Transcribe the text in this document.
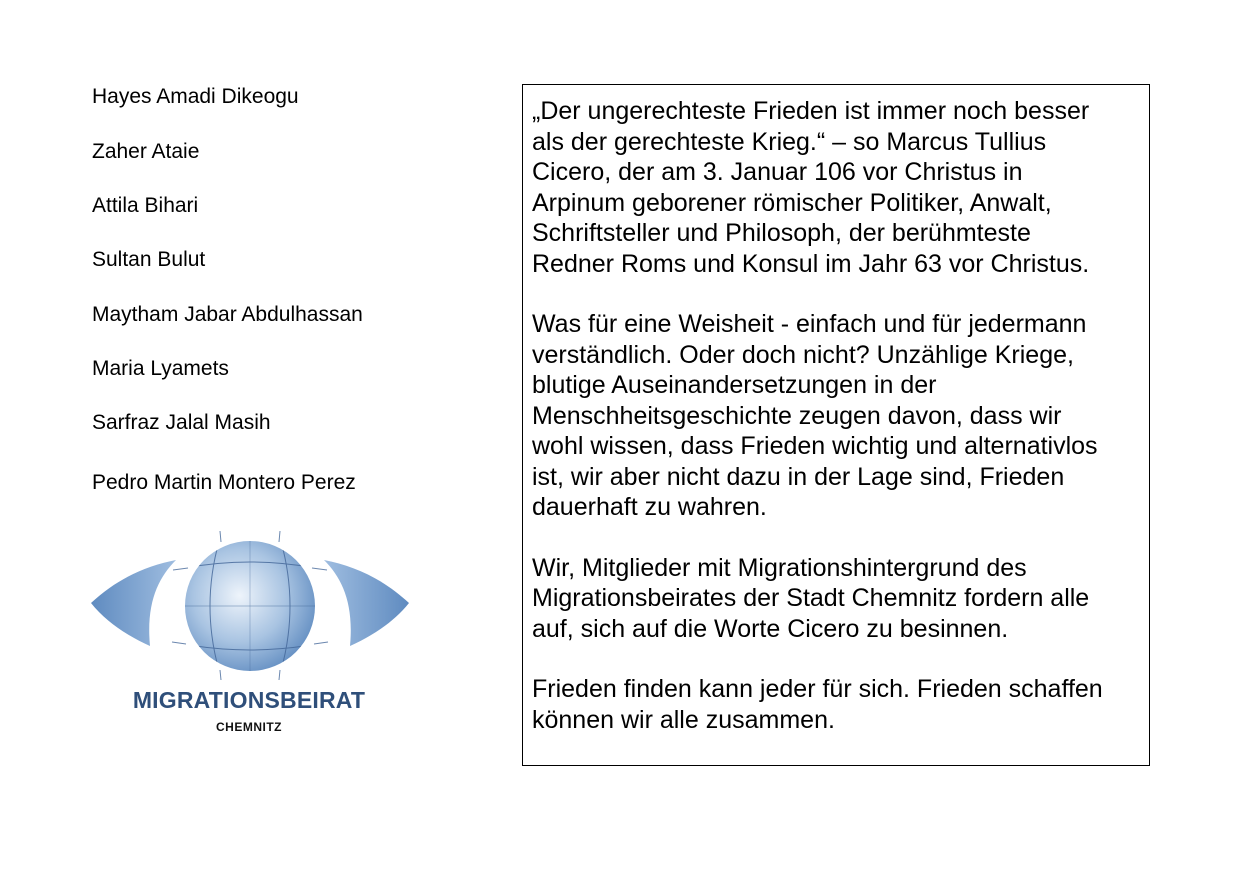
Hayes Amadi Dikeogu
Zaher Ataie
Attila Bihari
Sultan Bulut
Maytham Jabar Abdulhassan
Maria Lyamets
Sarfraz Jalal Masih
Pedro Martin Montero Perez
MIGRATIONSBEIRAT
CHEMNITZ

„Der ungerechteste Frieden ist immer noch besser
als der gerechteste Krieg.“ – so Marcus Tullius
Cicero, der am 3. Januar 106 vor Christus in
Arpinum geborener römischer Politiker, Anwalt,
Schriftsteller und Philosoph, der berühmteste
Redner Roms und Konsul im Jahr 63 vor Christus.

Was für eine Weisheit - einfach und für jedermann
verständlich. Oder doch nicht? Unzählige Kriege,
blutige Auseinandersetzungen in der
Menschheitsgeschichte zeugen davon, dass wir
wohl wissen, dass Frieden wichtig und alternativlos
ist, wir aber nicht dazu in der Lage sind, Frieden
dauerhaft zu wahren.

Wir, Mitglieder mit Migrationshintergrund des
Migrationsbeirates der Stadt Chemnitz fordern alle
auf, sich auf die Worte Cicero zu besinnen.

Frieden finden kann jeder für sich. Frieden schaffen
können wir alle zusammen.
